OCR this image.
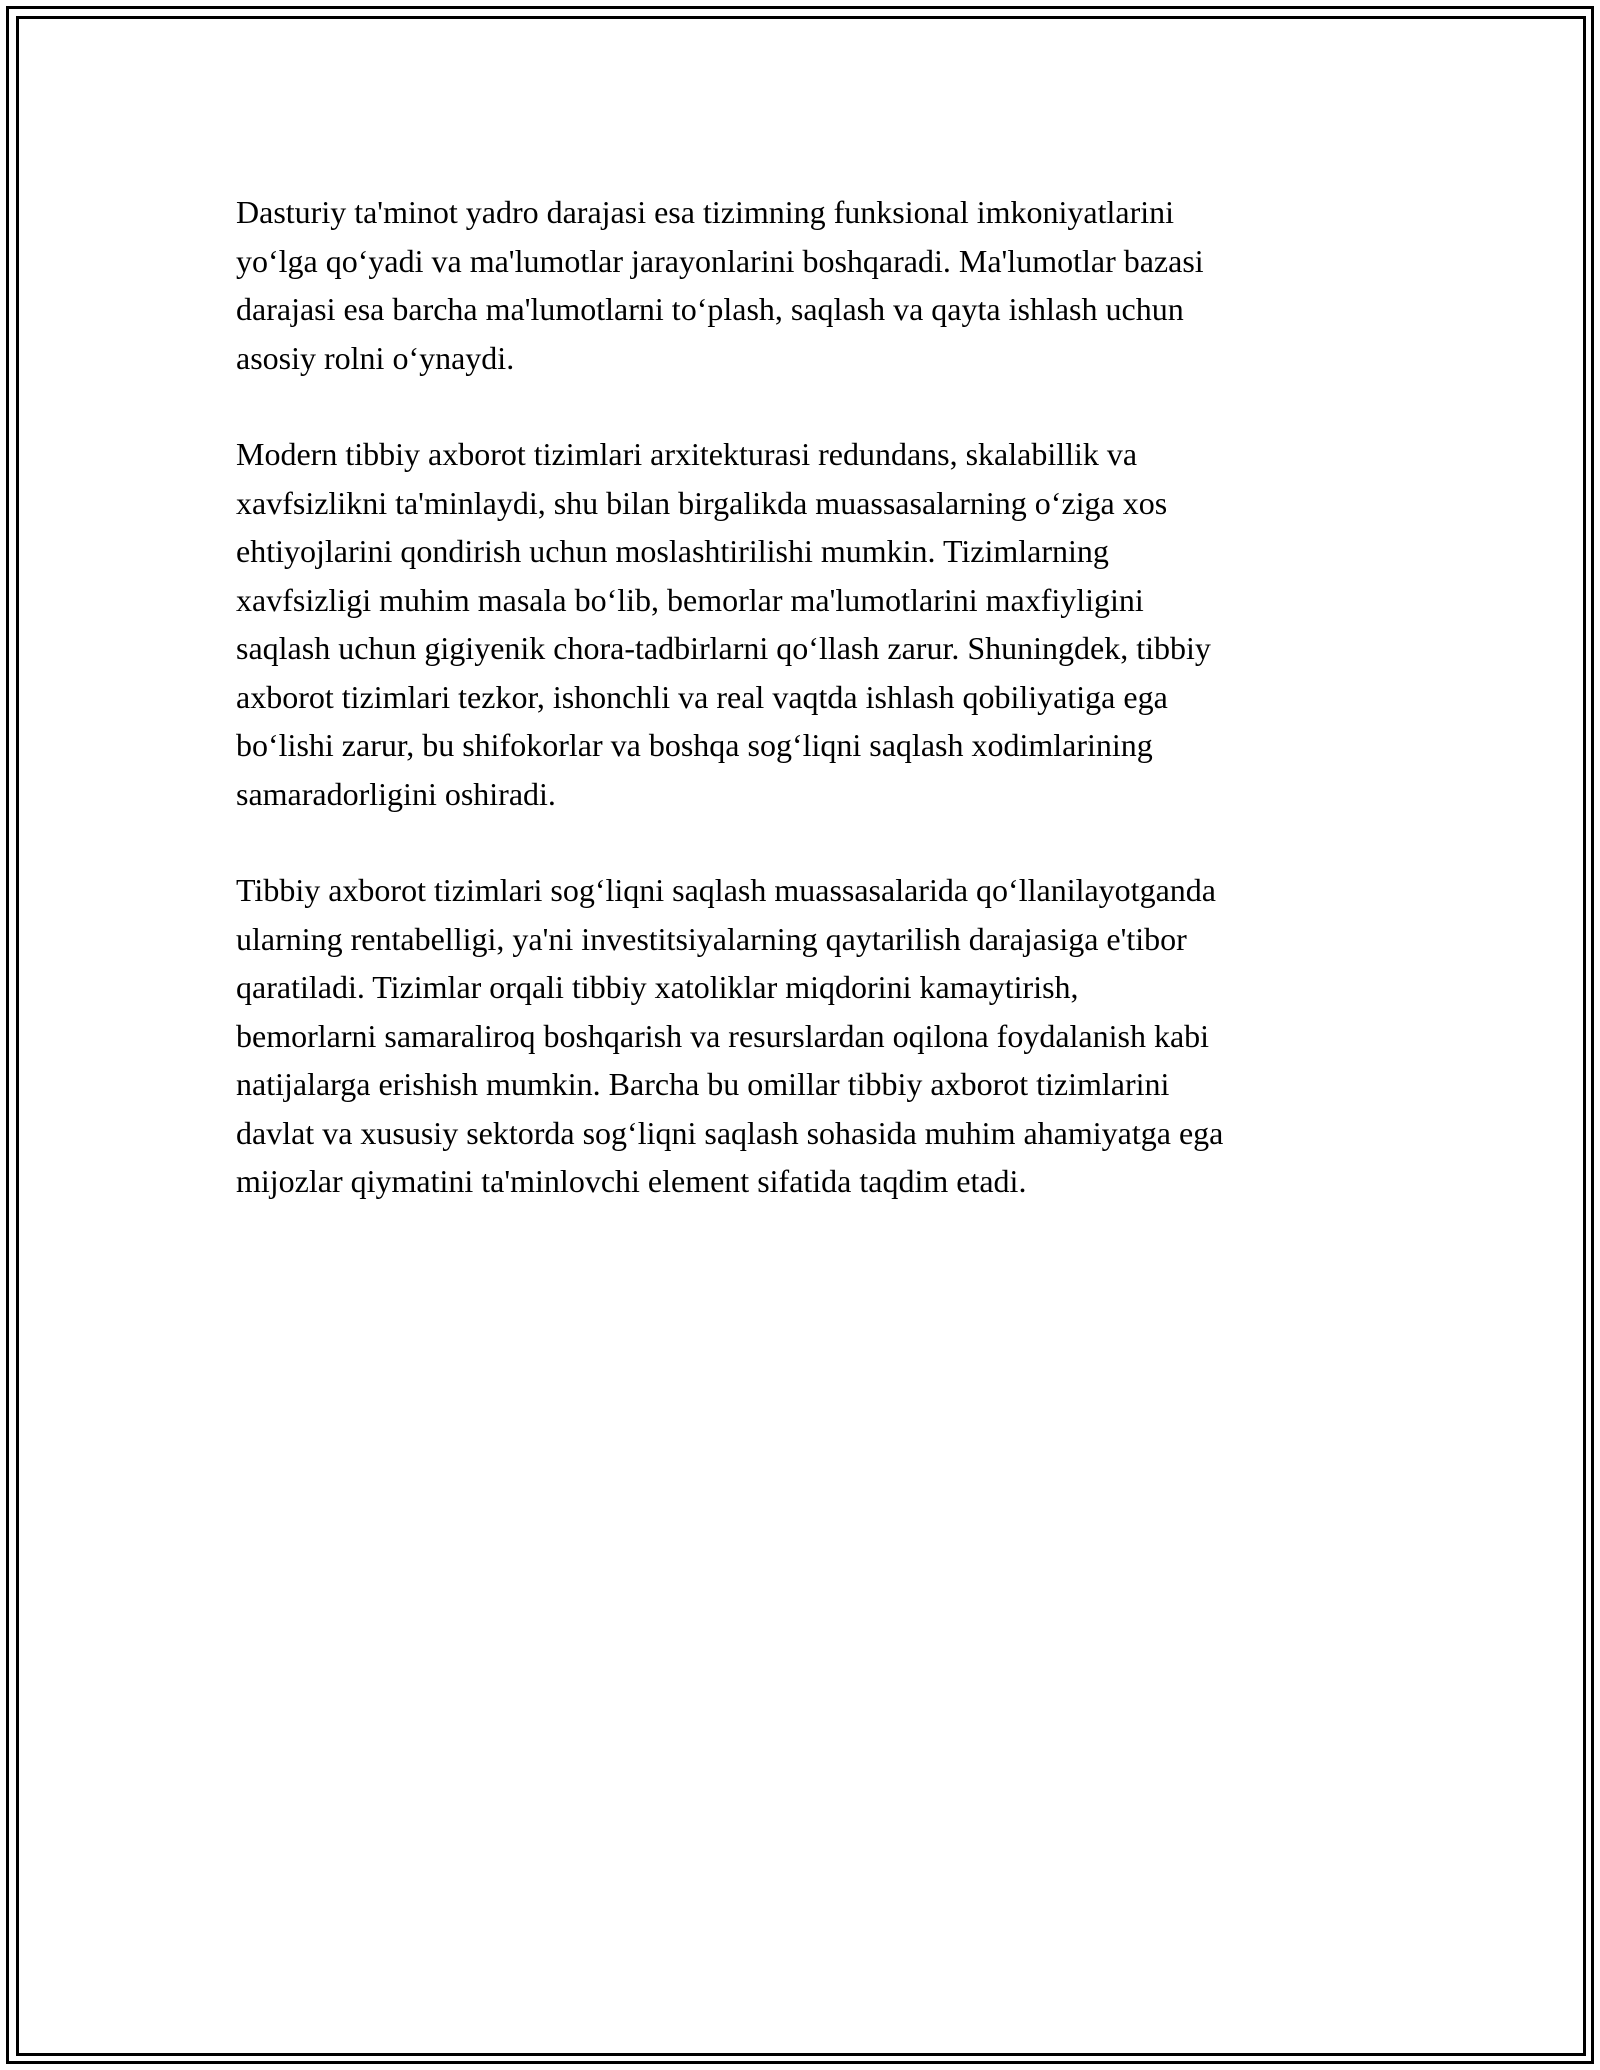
Dasturiy ta'minot yadro darajasi esa tizimning funksional imkoniyatlarini
yo‘lga qo‘yadi va ma'lumotlar jarayonlarini boshqaradi. Ma'lumotlar bazasi
darajasi esa barcha ma'lumotlarni to‘plash, saqlash va qayta ishlash uchun
asosiy rolni o‘ynaydi.

Modern tibbiy axborot tizimlari arxitekturasi redundans, skalabillik va
xavfsizlikni ta'minlaydi, shu bilan birgalikda muassasalarning o‘ziga xos
ehtiyojlarini qondirish uchun moslashtirilishi mumkin. Tizimlarning
xavfsizligi muhim masala bo‘lib, bemorlar ma'lumotlarini maxfiyligini
saqlash uchun gigiyenik chora-tadbirlarni qo‘llash zarur. Shuningdek, tibbiy
axborot tizimlari tezkor, ishonchli va real vaqtda ishlash qobiliyatiga ega
bo‘lishi zarur, bu shifokorlar va boshqa sog‘liqni saqlash xodimlarining
samaradorligini oshiradi.

Tibbiy axborot tizimlari sog‘liqni saqlash muassasalarida qo‘llanilayotganda
ularning rentabelligi, ya'ni investitsiyalarning qaytarilish darajasiga e'tibor
qaratiladi. Tizimlar orqali tibbiy xatoliklar miqdorini kamaytirish,
bemorlarni samaraliroq boshqarish va resurslardan oqilona foydalanish kabi
natijalarga erishish mumkin. Barcha bu omillar tibbiy axborot tizimlarini
davlat va xususiy sektorda sog‘liqni saqlash sohasida muhim ahamiyatga ega
mijozlar qiymatini ta'minlovchi element sifatida taqdim etadi.
